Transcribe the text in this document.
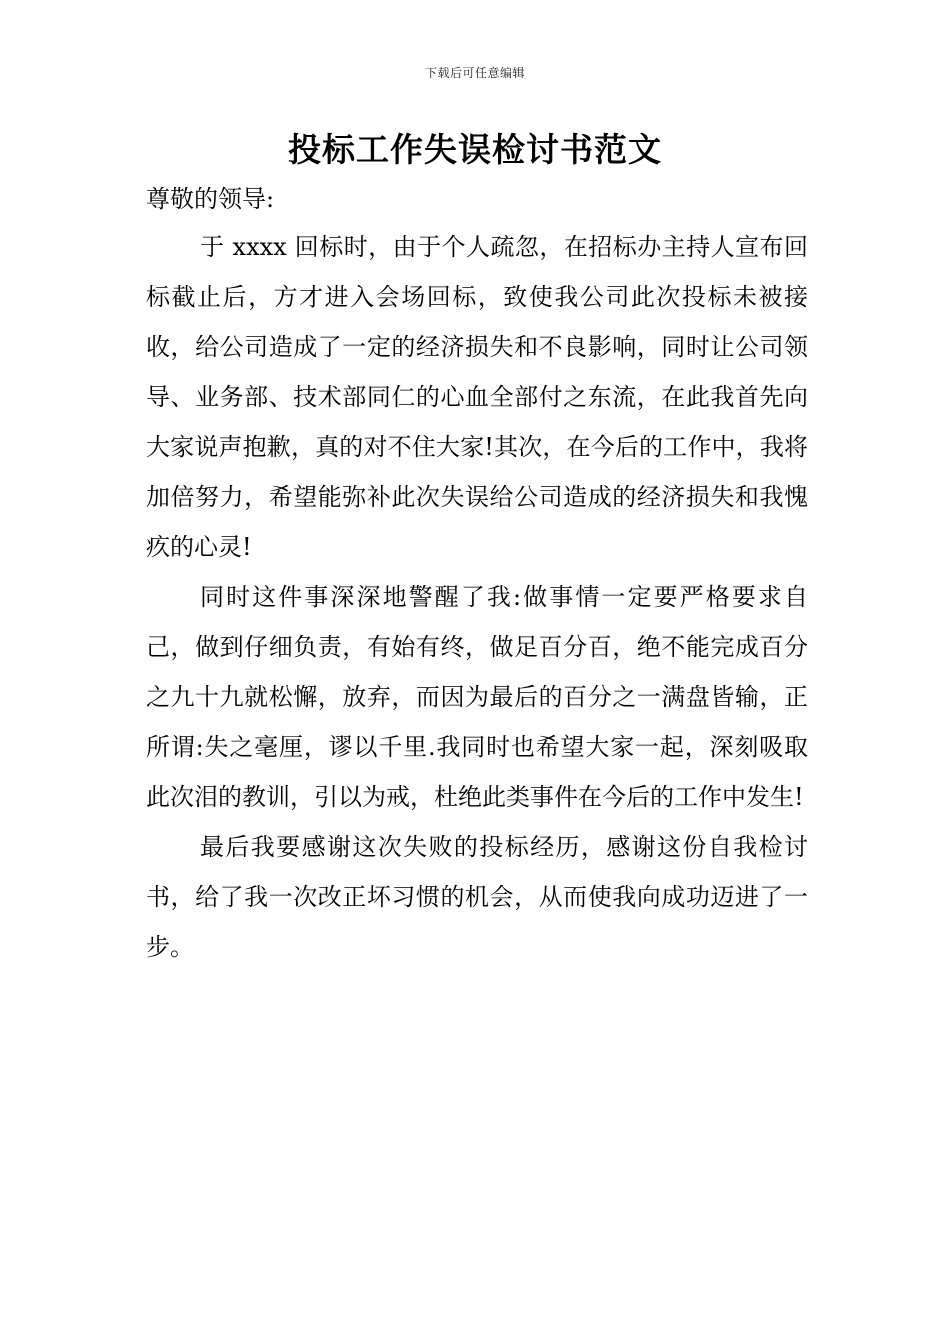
下载后可任意编辑
投标工作失误检讨书范文

尊敬的领导:

于 xxxx 回标时，由于个人疏忽，在招标办主持人宣布回标截止后，方才进入会场回标，致使我公司此次投标未被接收，给公司造成了一定的经济损失和不良影响，同时让公司领导、业务部、技术部同仁的心血全部付之东流，在此我首先向大家说声抱歉，真的对不住大家!其次，在今后的工作中，我将加倍努力，希望能弥补此次失误给公司造成的经济损失和我愧疚的心灵!

同时这件事深深地警醒了我:做事情一定要严格要求自己，做到仔细负责，有始有终，做足百分百，绝不能完成百分之九十九就松懈，放弃，而因为最后的百分之一满盘皆输，正所谓:失之毫厘，谬以千里.我同时也希望大家一起，深刻吸取此次泪的教训，引以为戒，杜绝此类事件在今后的工作中发生!

最后我要感谢这次失败的投标经历，感谢这份自我检讨书，给了我一次改正坏习惯的机会，从而使我向成功迈进了一步。
